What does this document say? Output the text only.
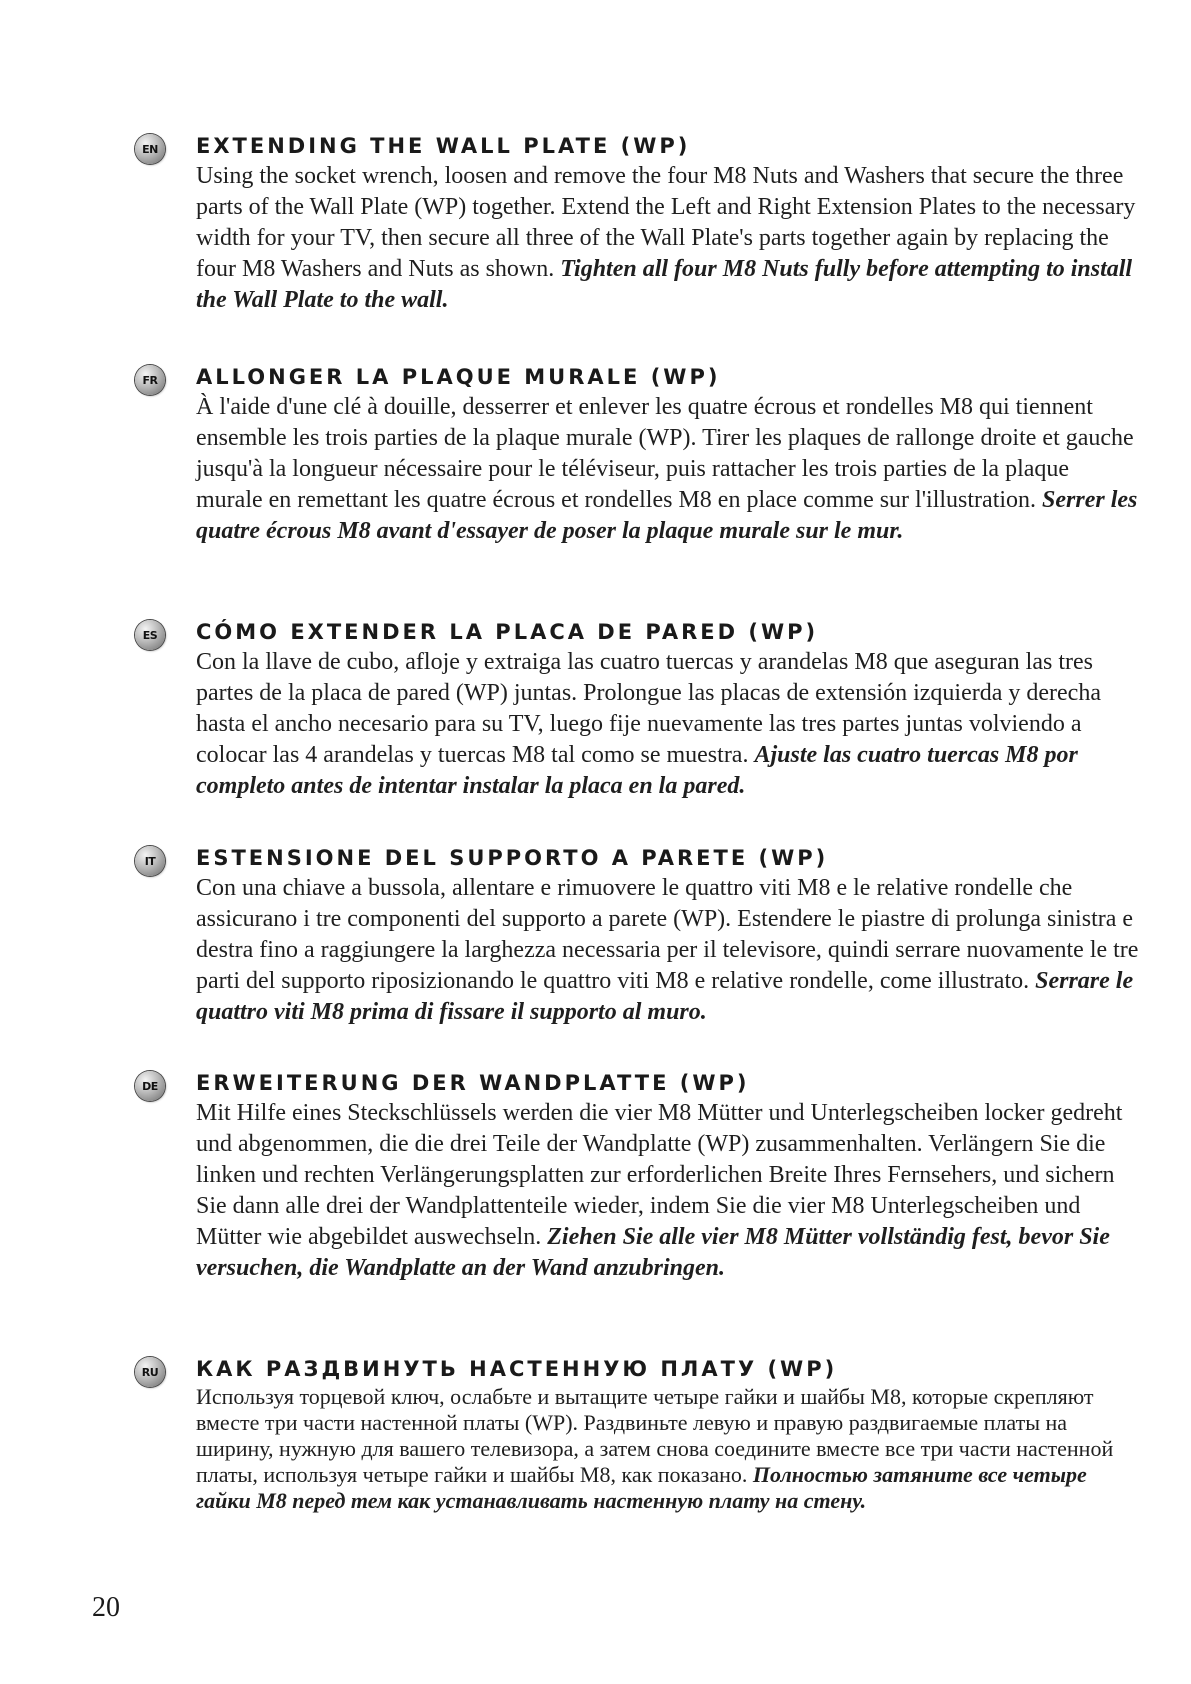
EN EXTENDING THE WALL PLATE (WP)

Using the socket wrench, loosen and remove the four M8 Nuts and Washers that secure the three parts of the Wall Plate (WP) together. Extend the Left and Right Extension Plates to the necessary width for your TV, then secure all three of the Wall Plate's parts together again by replacing the four M8 Washers and Nuts as shown. Tighten all four M8 Nuts fully before attempting to install the Wall Plate to the wall.

FR ALLONGER LA PLAQUE MURALE (WP)

À l'aide d'une clé à douille, desserrer et enlever les quatre écrous et rondelles M8 qui tiennent ensemble les trois parties de la plaque murale (WP). Tirer les plaques de rallonge droite et gauche jusqu'à la longueur nécessaire pour le téléviseur, puis rattacher les trois parties de la plaque murale en remettant les quatre écrous et rondelles M8 en place comme sur l'illustration. Serrer les quatre écrous M8 avant d'essayer de poser la plaque murale sur le mur.

ES CÓMO EXTENDER LA PLACA DE PARED (WP)

Con la llave de cubo, afloje y extraiga las cuatro tuercas y arandelas M8 que aseguran las tres partes de la placa de pared (WP) juntas. Prolongue las placas de extensión izquierda y derecha hasta el ancho necesario para su TV, luego fije nuevamente las tres partes juntas volviendo a colocar las 4 arandelas y tuercas M8 tal como se muestra. Ajuste las cuatro tuercas M8 por completo antes de intentar instalar la placa en la pared.

IT ESTENSIONE DEL SUPPORTO A PARETE (WP)

Con una chiave a bussola, allentare e rimuovere le quattro viti M8 e le relative rondelle che assicurano i tre componenti del supporto a parete (WP). Estendere le piastre di prolunga sinistra e destra fino a raggiungere la larghezza necessaria per il televisore, quindi serrare nuovamente le tre parti del supporto riposizionando le quattro viti M8 e relative rondelle, come illustrato. Serrare le quattro viti M8 prima di fissare il supporto al muro.

DE ERWEITERUNG DER WANDPLATTE (WP)

Mit Hilfe eines Steckschlüssels werden die vier M8 Mütter und Unterlegscheiben locker gedreht und abgenommen, die die drei Teile der Wandplatte (WP) zusammenhalten. Verlängern Sie die linken und rechten Verlängerungsplatten zur erforderlichen Breite Ihres Fernsehers, und sichern Sie dann alle drei der Wandplattenteile wieder, indem Sie die vier M8 Unterlegscheiben und Mütter wie abgebildet auswechseln. Ziehen Sie alle vier M8 Mütter vollständig fest, bevor Sie versuchen, die Wandplatte an der Wand anzubringen.

RU КАК РАЗДВИНУТЬ НАСТЕННУЮ ПЛАТУ (WP)

Используя торцевой ключ, ослабьте и вытащите четыре гайки и шайбы M8, которые скрепляют вместе три части настенной платы (WP). Раздвиньте левую и правую раздвигаемые платы на ширину, нужную для вашего телевизора, а затем снова соедините вместе все три части настенной платы, используя четыре гайки и шайбы M8, как показано. Полностью затяните все четыре гайки M8 перед тем как устанавливать настенную плату на стену.

20
